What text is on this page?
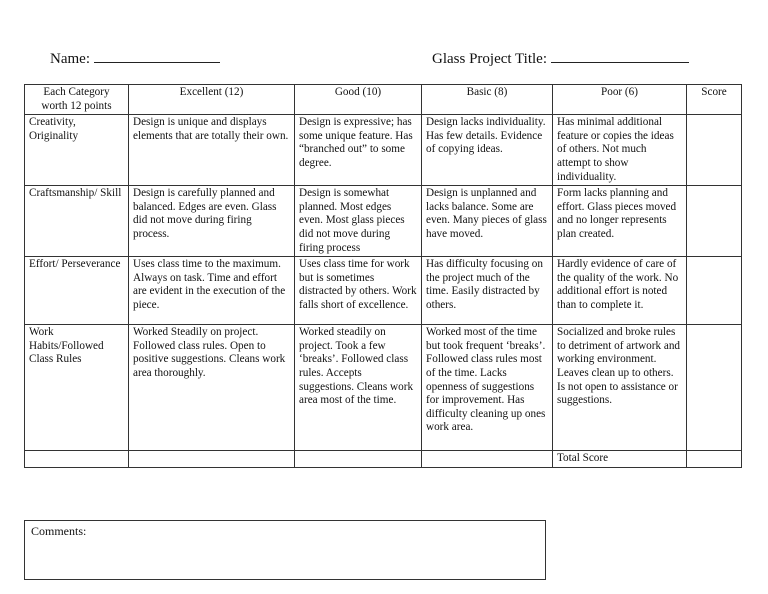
Name:	Glass Project Title:
Each Category worth 12 points	Excellent (12)	Good (10)	Basic (8)	Poor (6)	Score
Creativity, Originality	Design is unique and displays elements that are totally their own.	Design is expressive; has some unique feature. Has “branched out” to some degree.	Design lacks individuality. Has few details. Evidence of copying ideas.	Has minimal additional feature or copies the ideas of others. Not much attempt to show individuality.	
Craftsmanship/ Skill	Design is carefully planned and balanced. Edges are even. Glass did not move during firing process.	Design is somewhat planned. Most edges even. Most glass pieces did not move during firing process	Design is unplanned and lacks balance. Some are even. Many pieces of glass have moved.	Form lacks planning and effort. Glass pieces moved and no longer represents plan created.	
Effort/ Perseverance	Uses class time to the maximum. Always on task. Time and effort are evident in the execution of the piece.	Uses class time for work but is sometimes distracted by others. Work falls short of excellence.	Has difficulty focusing on the project much of the time. Easily distracted by others.	Hardly evidence of care of the quality of the work. No additional effort is noted than to complete it.	
Work Habits/Followed Class Rules	Worked Steadily on project. Followed class rules. Open to positive suggestions. Cleans work area thoroughly.	Worked steadily on project. Took a few ‘breaks’. Followed class rules. Accepts suggestions. Cleans work area most of the time.	Worked most of the time but took frequent ‘breaks’. Followed class rules most of the time. Lacks openness of suggestions for improvement. Has difficulty cleaning up ones work area.	Socialized and broke rules to detriment of artwork and working environment. Leaves clean up to others. Is not open to assistance or suggestions.	
				Total Score	
Comments:
